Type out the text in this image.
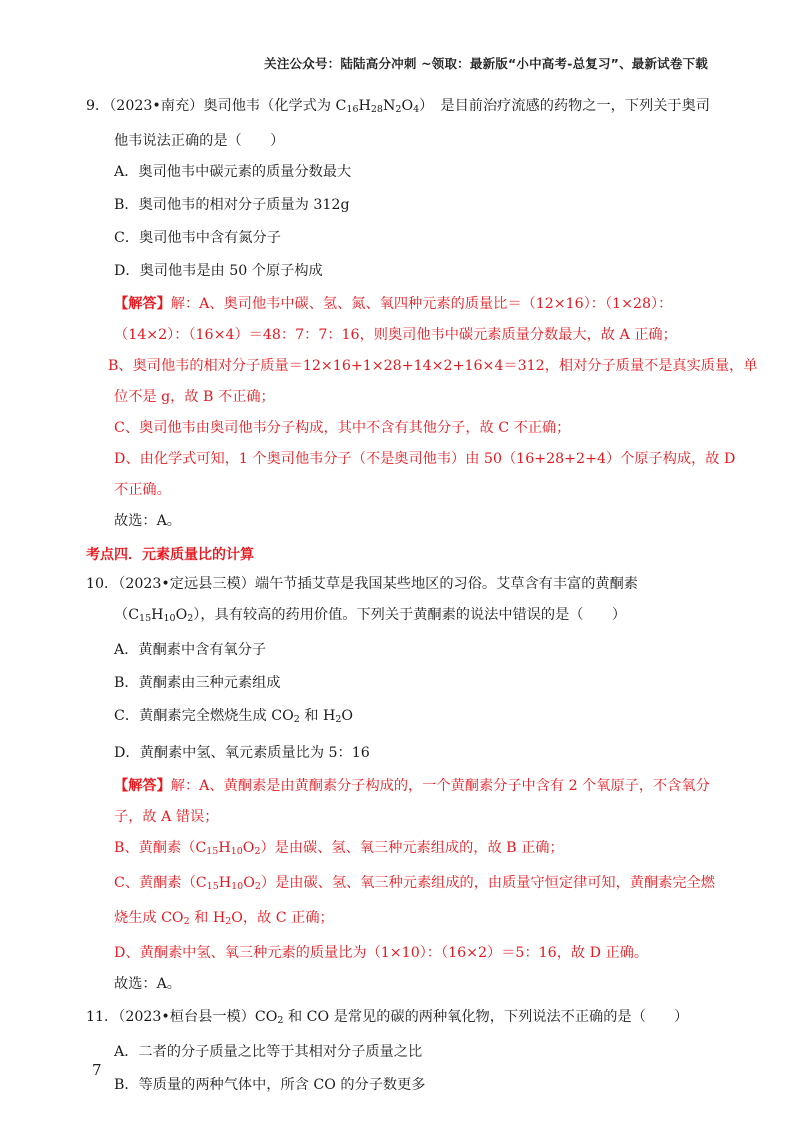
关注公众号：陆陆高分冲刺 ~领取：最新版“小中高考-总复习”、最新试卷下载
9．（2023•南充）奥司他韦（化学式为 $C_{16}H_{28}N_2O_4$）　是目前治疗流感的药物之一，下列关于奥司
他韦说法正确的是（　　）
A．奥司他韦中碳元素的质量分数最大
B．奥司他韦的相对分子质量为 312g
C．奥司他韦中含有氮分子
D．奥司他韦是由 50 个原子构成
【解答】解：A、奥司他韦中碳、氢、氮、氧四种元素的质量比＝（12×16）：（1×28）：
（14×2）：（16×4）＝48：7：7：16，则奥司他韦中碳元素质量分数最大，故 A 正确；
B、奥司他韦的相对分子质量＝12×16+1×28+14×2+16×4＝312，相对分子质量不是真实质量，单
位不是 g，故 B 不正确；
C、奥司他韦由奥司他韦分子构成，其中不含有其他分子，故 C 不正确；
D、由化学式可知，1 个奥司他韦分子（不是奥司他韦）由 50（16+28+2+4）个原子构成，故 D
不正确。
故选：A。
考点四．元素质量比的计算
10．（2023•定远县三模）端午节插艾草是我国某些地区的习俗。艾草含有丰富的黄酮素
$(C_{15}H_{10}O_2)$，具有较高的药用价值。下列关于黄酮素的说法中错误的是（　　）
A．黄酮素中含有氧分子
B．黄酮素由三种元素组成
C．黄酮素完全燃烧生成 $CO_2$ 和 $H_2O$
D．黄酮素中氢、氧元素质量比为 5：16
【解答】解：A、黄酮素是由黄酮素分子构成的，一个黄酮素分子中含有 2 个氧原子，不含氧分
子，故 A 错误；
B、黄酮素$(C_{15}H_{10}O_2)$是由碳、氢、氧三种元素组成的，故 B 正确；
C、黄酮素$(C_{15}H_{10}O_2)$是由碳、氢、氧三种元素组成的，由质量守恒定律可知，黄酮素完全燃
烧生成 $CO_2$ 和 $H_2O$，故 C 正确；
D、黄酮素中氢、氧三种元素的质量比为（1×10）：（16×2）＝5：16，故 D 正确。
故选：A。
11．（2023•桓台县一模）$CO_2$ 和 CO 是常见的碳的两种氧化物，下列说法不正确的是（　　）
A．二者的分子质量之比等于其相对分子质量之比
B．等质量的两种气体中，所含 CO 的分子数更多
7
